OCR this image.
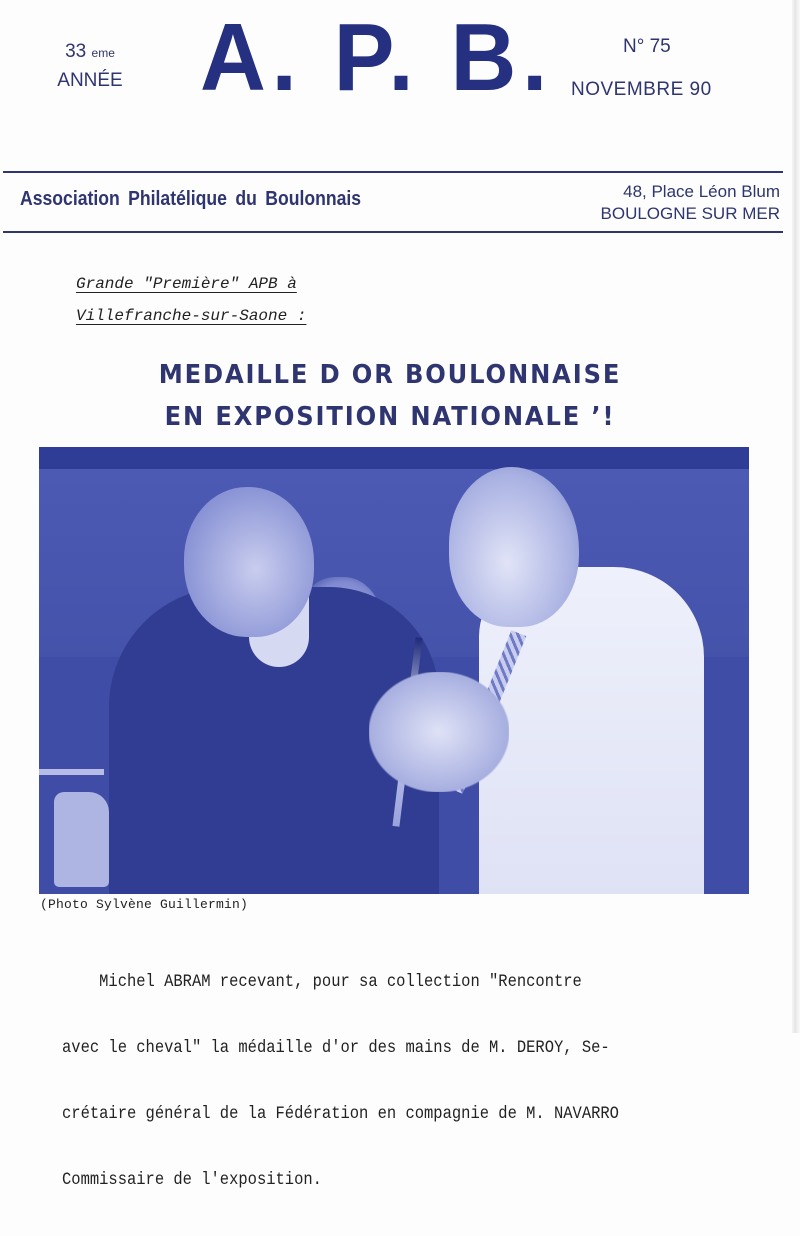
33 eme
ANNÉE A. P. B.	N° 75
NOVEMBRE 90
Association Philatélique du Boulonnais	48, Place Léon Blum
BOULOGNE SUR MER
Grande "Première" APB à
Villefranche-sur-Saone :
MEDAILLE D OR BOULONNAISE
EN EXPOSITION NATIONALE ’!
(Photo Sylvène Guillermin)

Michel ABRAM recevant, pour sa collection "Rencontre

avec le cheval" la médaille d'or des mains de M. DEROY, Se-

crétaire général de la Fédération en compagnie de M. NAVARRO

Commissaire de l'exposition.
